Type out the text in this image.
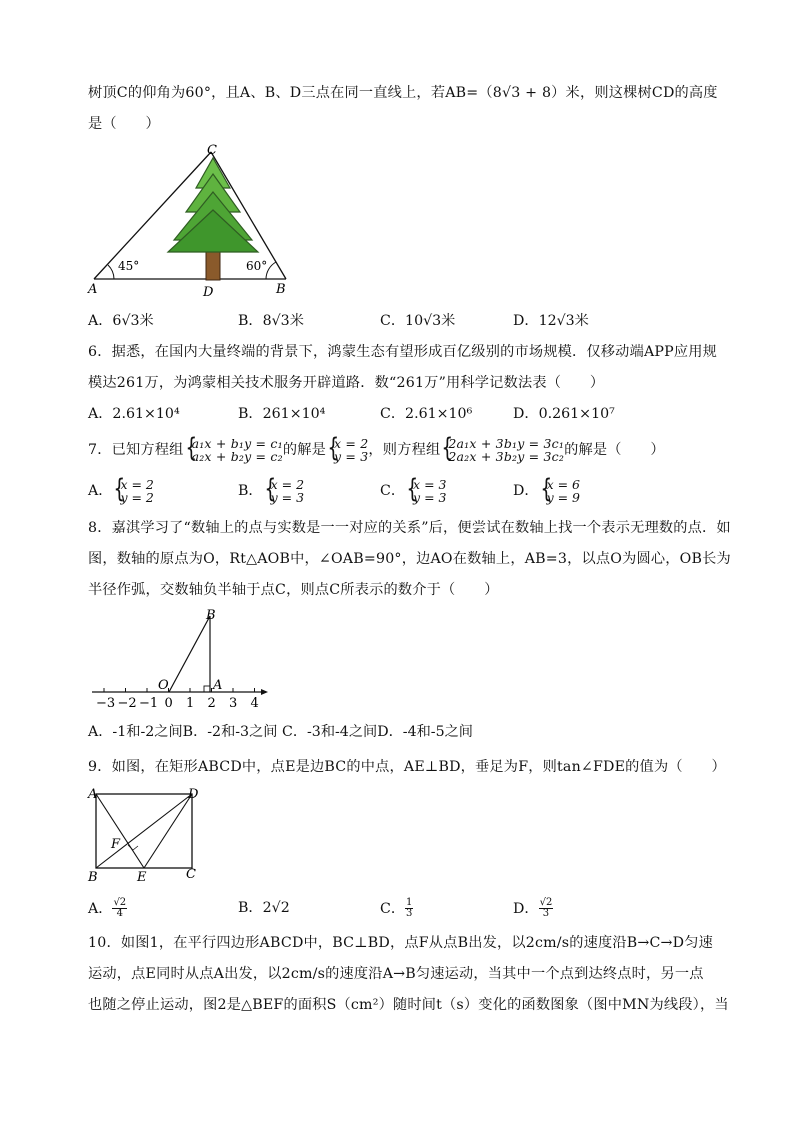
树顶C的仰角为60°，且A、B、D三点在同一直线上，若AB=（8√3 + 8）米，则这棵树CD的高度
是（　　）
C
A	D	B
45°	60°
A．6√3米	B．8√3米	C．10√3米	D．12√3米
6．据悉，在国内大量终端的背景下，鸿蒙生态有望形成百亿级别的市场规模．仅移动端APP应用规
模达261万，为鸿蒙相关技术服务开辟道路．数“261万”用科学记数法表（　　）
A．2.61×10⁴	B．261×10⁴	C．2.61×10⁶	D．0.261×10⁷
7．已知方程组 { a₁x + b₁y = c₁
a₂x + b₂y = c₂ 的解是 { x = 2
y = 3 ，则方程组 { 2a₁x + 3b₁y = 3c₁
2a₂x + 3b₂y = 3c₂ 的解是（　　）
A． { x = 2
y = 2	B． { x = 2
y = 3	C． { x = 3
y = 3	D． { x = 6
y = 9
8．嘉淇学习了“数轴上的点与实数是一一对应的关系”后，便尝试在数轴上找一个表示无理数的点．如
图，数轴的原点为O，Rt△AOB中，∠OAB=90°，边AO在数轴上，AB=3，以点O为圆心，OB长为
半径作弧，交数轴负半轴于点C，则点C所表示的数介于（　　）
B
O	A
−3 −2 −1 0 1 2 3 4
A．-1和-2之间B．-2和-3之间 C．-3和-4之间D．-4和-5之间
9．如图，在矩形ABCD中，点E是边BC的中点，AE⊥BD，垂足为F，则tan∠FDE的值为（　　）
A	D
F
B	E	C
A． $\frac{√2}{4}$	B． 2√2	C． $\frac{1}{3}$	D． $\frac{√2}{3}$
10．如图1，在平行四边形ABCD中，BC⊥BD，点F从点B出发，以2cm/s的速度沿B→C→D匀速
运动，点E同时从点A出发，以2cm/s的速度沿A→B匀速运动，当其中一个点到达终点时，另一点
也随之停止运动，图2是△BEF的面积S（cm²）随时间t（s）变化的函数图象（图中MN为线段），当
